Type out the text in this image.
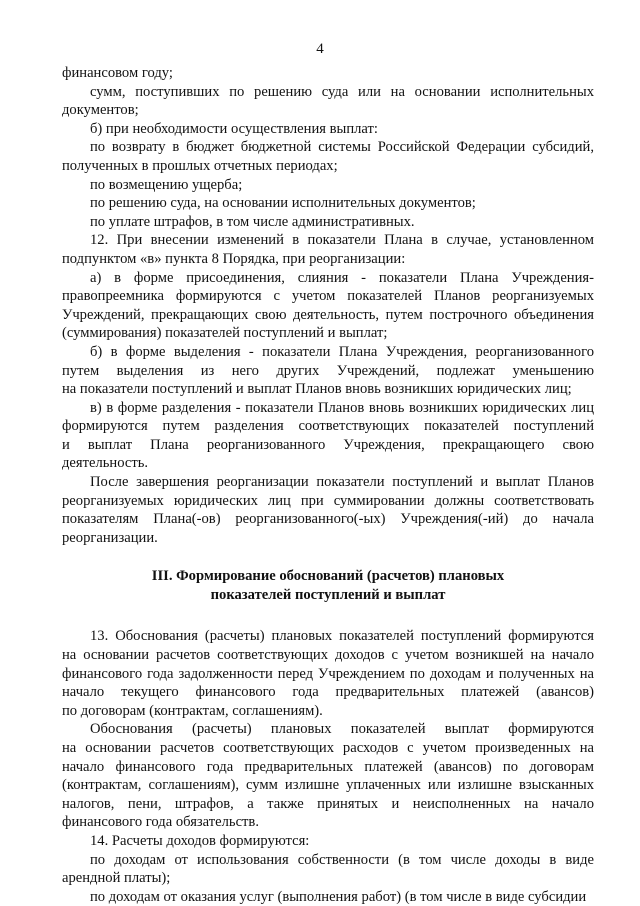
4
финансовом году;
сумм, поступивших по решению суда или на основании исполнительных
документов;
б) при необходимости осуществления выплат:
по возврату в бюджет бюджетной системы Российской Федерации субсидий,
полученных в прошлых отчетных периодах;
по возмещению ущерба;
по решению суда, на основании исполнительных документов;
по уплате штрафов, в том числе административных.
12. При внесении изменений в показатели Плана в случае, установленном
подпунктом «в» пункта 8 Порядка, при реорганизации:
а) в форме присоединения, слияния - показатели Плана Учреждения-
правопреемника формируются с учетом показателей Планов реорганизуемых
Учреждений, прекращающих свою деятельность, путем построчного объединения
(суммирования) показателей поступлений и выплат;
б) в форме выделения - показатели Плана Учреждения, реорганизованного
путем выделения из него других Учреждений, подлежат уменьшению
на показатели поступлений и выплат Планов вновь возникших юридических лиц;
в) в форме разделения - показатели Планов вновь возникших юридических лиц
формируются путем разделения соответствующих показателей поступлений
и выплат Плана реорганизованного Учреждения, прекращающего свою
деятельность.
После завершения реорганизации показатели поступлений и выплат Планов
реорганизуемых юридических лиц при суммировании должны соответствовать
показателям Плана(-ов) реорганизованного(-ых) Учреждения(-ий) до начала
реорганизации.
III. Формирование обоснований (расчетов) плановых
показателей поступлений и выплат
13. Обоснования (расчеты) плановых показателей поступлений формируются
на основании расчетов соответствующих доходов с учетом возникшей на начало
финансового года задолженности перед Учреждением по доходам и полученных на
начало текущего финансового года предварительных платежей (авансов)
по договорам (контрактам, соглашениям).
Обоснования (расчеты) плановых показателей выплат формируются
на основании расчетов соответствующих расходов с учетом произведенных на
начало финансового года предварительных платежей (авансов) по договорам
(контрактам, соглашениям), сумм излишне уплаченных или излишне взысканных
налогов, пени, штрафов, а также принятых и неисполненных на начало
финансового года обязательств.
14. Расчеты доходов формируются:
по доходам от использования собственности (в том числе доходы в виде
арендной платы);
по доходам от оказания услуг (выполнения работ) (в том числе в виде субсидии
